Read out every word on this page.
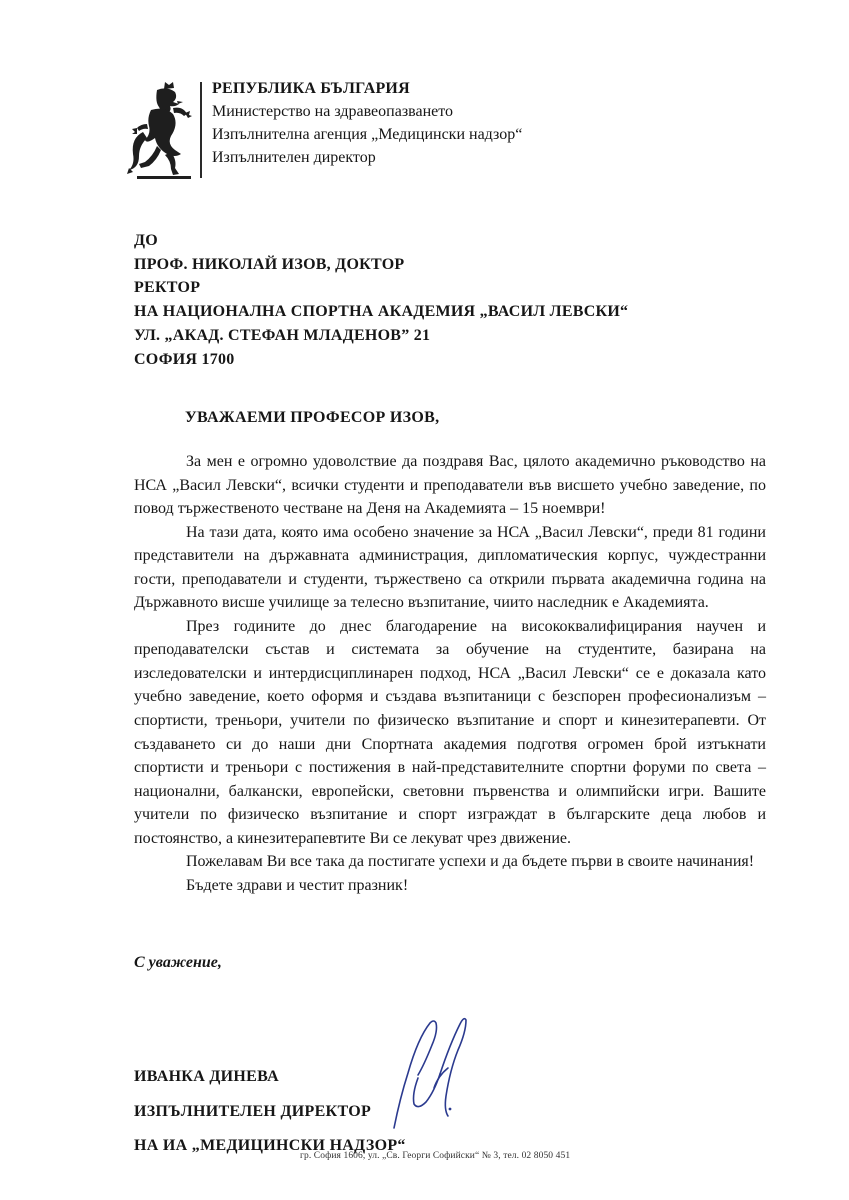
РЕПУБЛИКА БЪЛГАРИЯ
Министерство на здравеопазването
Изпълнителна агенция „Медицински надзор“
Изпълнителен директор
ДО
ПРОФ. НИКОЛАЙ ИЗОВ, ДОКТОР
РЕКТОР
НА НАЦИОНАЛНА СПОРТНА АКАДЕМИЯ „ВАСИЛ ЛЕВСКИ“
УЛ. „АКАД. СТЕФАН МЛАДЕНОВ” 21
СОФИЯ 1700
УВАЖАЕМИ ПРОФЕСОР ИЗОВ,

За мен е огромно удоволствие да поздравя Вас, цялото академично ръководство на НСА „Васил Левски“, всички студенти и преподаватели във висшето учебно заведение, по повод тържественото честване на Деня на Академията – 15 ноември!

На тази дата, която има особено значение за НСА „Васил Левски“, преди 81 години представители на държавната администрация, дипломатическия корпус, чуждестранни гости, преподаватели и студенти, тържествено са открили първата академична година на Държавното висше училище за телесно възпитание, чиито наследник е Академията.

През годините до днес благодарение на висококвалифицирания научен и преподавателски състав и системата за обучение на студентите, базирана на изследователски и интердисциплинарен подход, НСА „Васил Левски“ се е доказала като учебно заведение, което оформя и създава възпитаници с безспорен професионализъм – спортисти, треньори, учители по физическо възпитание и спорт и кинезитерапевти. От създаването си до наши дни Спортната академия подготвя огромен брой изтъкнати спортисти и треньори с постижения в най-представителните спортни форуми по света – национални, балкански, европейски, световни първенства и олимпийски игри. Вашите учители по физическо възпитание и спорт изграждат в българските деца любов и постоянство, а кинезитерапевтите Ви се лекуват чрез движение.

Пожелавам Ви все така да постигате успехи и да бъдете първи в своите начинания!

Бъдете здрави и честит празник!

С уважение,
ИВАНКА ДИНЕВА
ИЗПЪЛНИТЕЛЕН ДИРЕКТОР
НА ИА „МЕДИЦИНСКИ НАДЗОР“
гр. София 1606, ул. „Св. Георги Софийски“ № 3, тел. 02 8050 451
